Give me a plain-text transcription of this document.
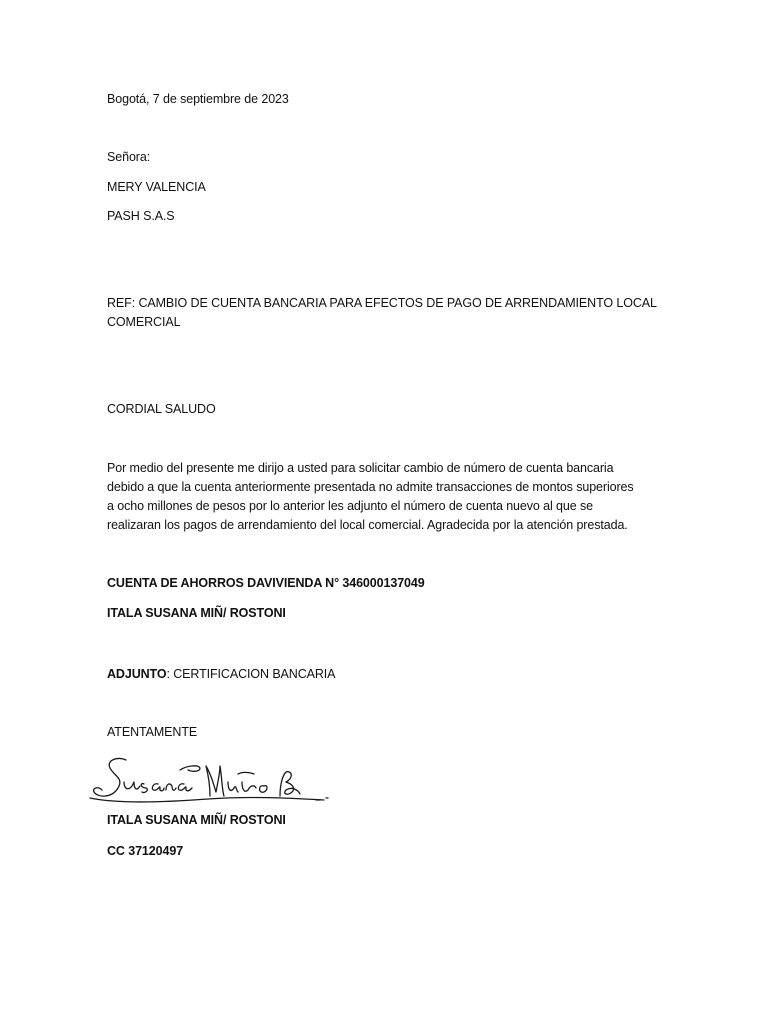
Bogotá, 7 de septiembre de 2023
Señora:
MERY VALENCIA
PASH S.A.S
REF: CAMBIO DE CUENTA BANCARIA PARA EFECTOS DE PAGO DE ARRENDAMIENTO LOCAL
COMERCIAL
CORDIAL SALUDO
Por medio del presente me dirijo a usted para solicitar cambio de número de cuenta bancaria
debido a que la cuenta anteriormente presentada no admite transacciones de montos superiores
a ocho millones de pesos por lo anterior les adjunto el número de cuenta nuevo al que se
realizaran los pagos de arrendamiento del local comercial. Agradecida por la atención prestada.
CUENTA DE AHORROS DAVIVIENDA N° 346000137049
ITALA SUSANA MIÑ/ ROSTONI
ADJUNTO: CERTIFICACION BANCARIA
ATENTAMENTE
ITALA SUSANA MIÑ/ ROSTONI
CC 37120497
